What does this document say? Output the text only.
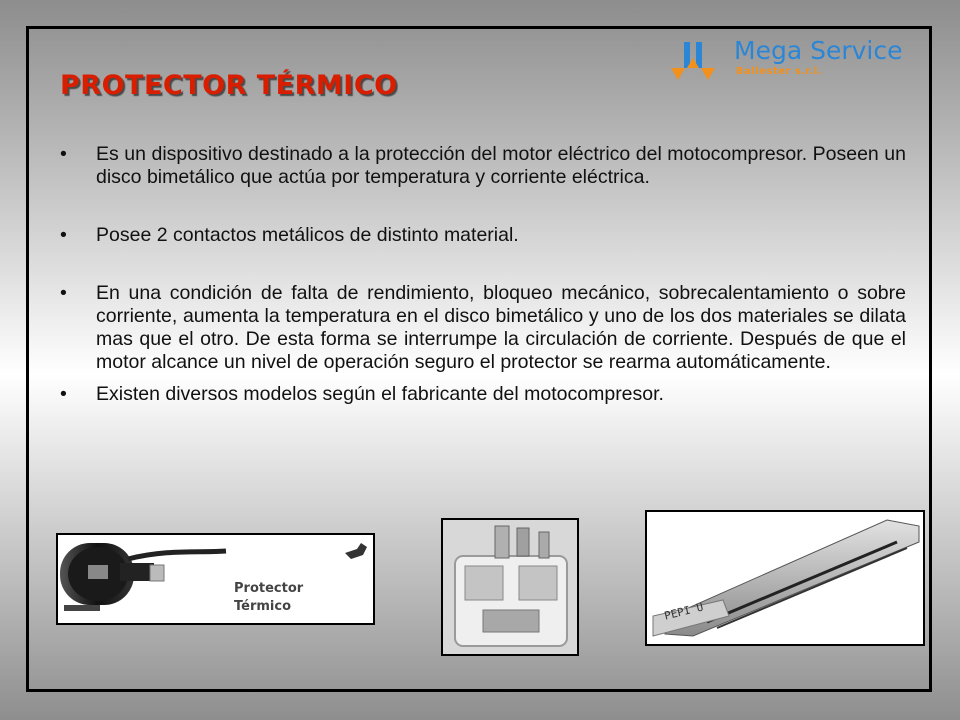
PROTECTOR TÉRMICO
Mega Service
Ballester s.r.l.
• Es un dispositivo destinado a la protección del motor eléctrico del motocompresor. Poseen un disco bimetálico que actúa por temperatura y corriente eléctrica.
• Posee 2 contactos metálicos de distinto material.
• En una condición de falta de rendimiento, bloqueo mecánico, sobrecalentamiento o sobre corriente, aumenta la temperatura en el disco bimetálico y uno de los dos materiales se dilata mas que el otro. De esta forma se interrumpe la circulación de corriente. Después de que el motor alcance un nivel de operación seguro el protector se rearma automáticamente.
• Existen diversos modelos según el fabricante del motocompresor.
Protector
Térmico	PEPI U
